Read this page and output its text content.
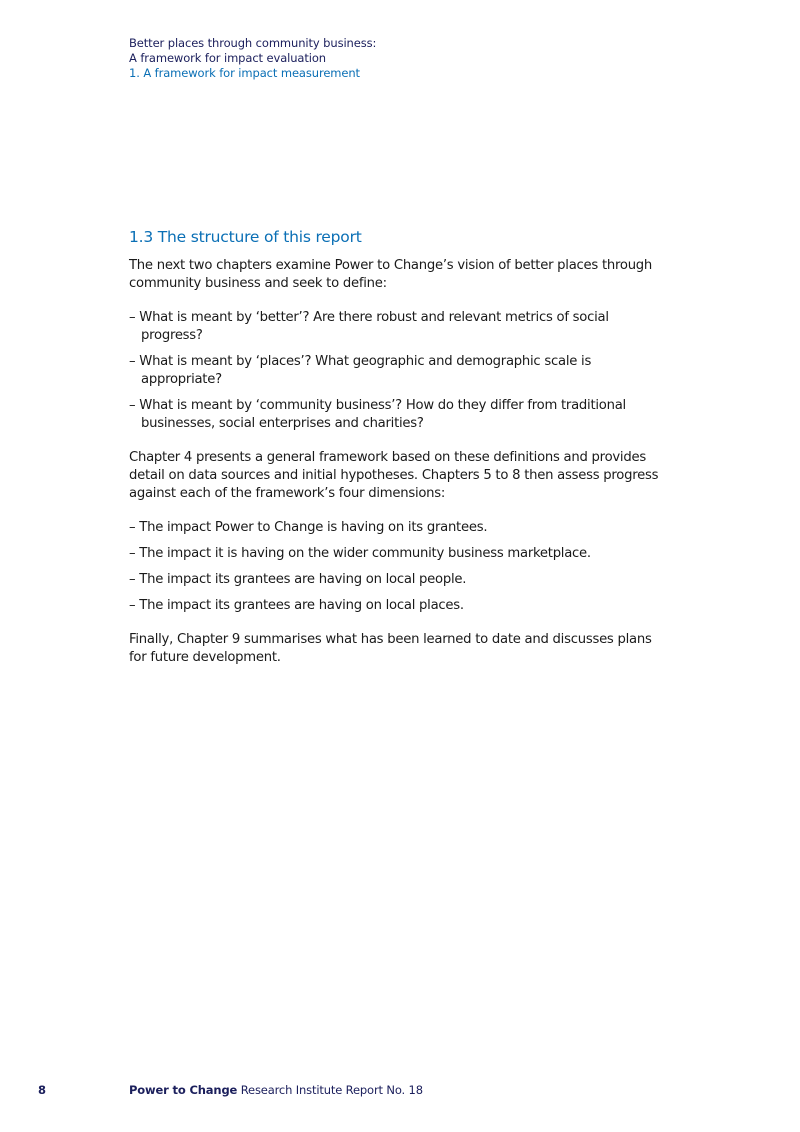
Better places through community business:
A framework for impact evaluation
1. A framework for impact measurement
1.3 The structure of this report

The next two chapters examine Power to Change’s vision of better places through community business and seek to define:

– What is meant by ‘better’? Are there robust and relevant metrics of social progress?
– What is meant by ‘places’? What geographic and demographic scale is appropriate?
– What is meant by ‘community business’? How do they differ from traditional businesses, social enterprises and charities?

Chapter 4 presents a general framework based on these definitions and provides detail on data sources and initial hypotheses. Chapters 5 to 8 then assess progress against each of the framework’s four dimensions:

– The impact Power to Change is having on its grantees.
– The impact it is having on the wider community business marketplace.
– The impact its grantees are having on local people.
– The impact its grantees are having on local places.

Finally, Chapter 9 summarises what has been learned to date and discusses plans for future development.

8	Power to Change Research Institute Report No. 18
